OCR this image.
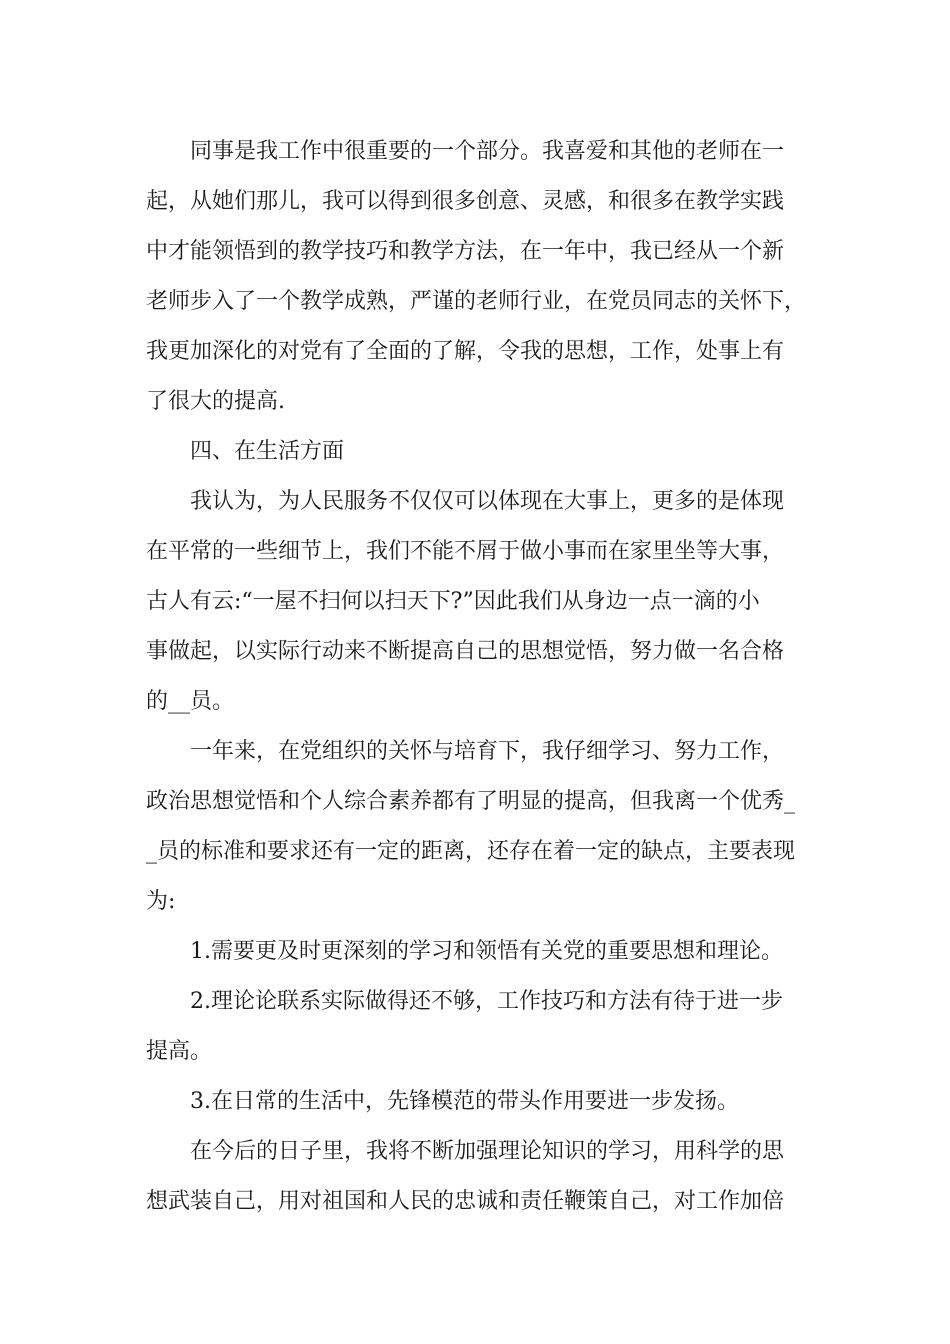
同事是我工作中很重要的一个部分。我喜爱和其他的老师在一
起，从她们那儿，我可以得到很多创意、灵感，和很多在教学实践
中才能领悟到的教学技巧和教学方法，在一年中，我已经从一个新
老师步入了一个教学成熟，严谨的老师行业，在党员同志的关怀下，
我更加深化的对党有了全面的了解，令我的思想，工作，处事上有
了很大的提高.
四、在生活方面
我认为，为人民服务不仅仅可以体现在大事上，更多的是体现
在平常的一些细节上，我们不能不屑于做小事而在家里坐等大事，
古人有云:“一屋不扫何以扫天下?”因此我们从身边一点一滴的小
事做起，以实际行动来不断提高自己的思想觉悟，努力做一名合格
的__员。
一年来，在党组织的关怀与培育下，我仔细学习、努力工作，
政治思想觉悟和个人综合素养都有了明显的提高，但我离一个优秀_
_员的标准和要求还有一定的距离，还存在着一定的缺点，主要表现
为:
1.需要更及时更深刻的学习和领悟有关党的重要思想和理论。
2.理论论联系实际做得还不够，工作技巧和方法有待于进一步
提高。
3.在日常的生活中，先锋模范的带头作用要进一步发扬。
在今后的日子里，我将不断加强理论知识的学习，用科学的思
想武装自己，用对祖国和人民的忠诚和责任鞭策自己，对工作加倍
